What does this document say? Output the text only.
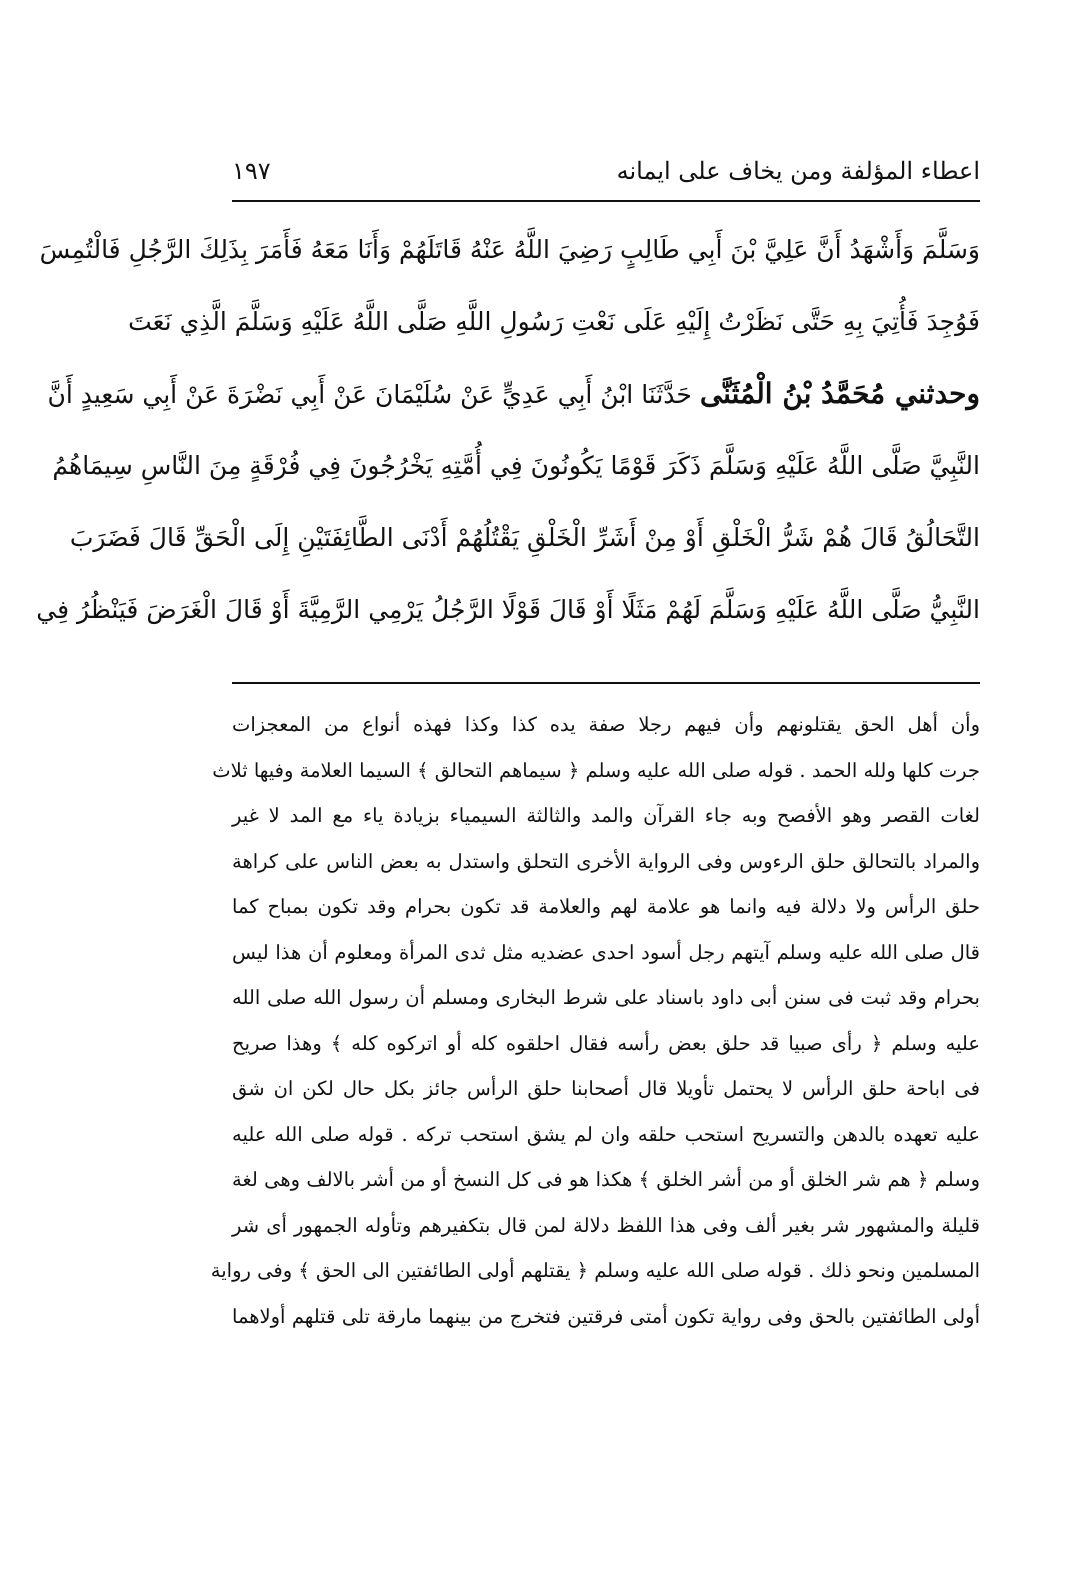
اعطاء المؤلفة ومن يخاف على ايمانه
١٩٧
وَسَلَّمَ وَأَشْهَدُ أَنَّ عَلِيَّ بْنَ أَبِي طَالِبٍ رَضِيَ اللَّهُ عَنْهُ قَاتَلَهُمْ وَأَنَا مَعَهُ فَأَمَرَ بِذَلِكَ الرَّجُلِ فَالْتُمِسَ
فَوُجِدَ فَأُتِيَ بِهِ حَتَّى نَظَرْتُ إِلَيْهِ عَلَى نَعْتِ رَسُولِ اللَّهِ صَلَّى اللَّهُ عَلَيْهِ وَسَلَّمَ الَّذِي نَعَتَ
وحدثني مُحَمَّدُ بْنُ الْمُثَنَّى حَدَّثَنَا ابْنُ أَبِي عَدِيٍّ عَنْ سُلَيْمَانَ عَنْ أَبِي نَضْرَةَ عَنْ أَبِي سَعِيدٍ أَنَّ
النَّبِيَّ صَلَّى اللَّهُ عَلَيْهِ وَسَلَّمَ ذَكَرَ قَوْمًا يَكُونُونَ فِي أُمَّتِهِ يَخْرُجُونَ فِي فُرْقَةٍ مِنَ النَّاسِ سِيمَاهُمُ
التَّحَالُقُ قَالَ هُمْ شَرُّ الْخَلْقِ أَوْ مِنْ أَشَرِّ الْخَلْقِ يَقْتُلُهُمْ أَدْنَى الطَّائِفَتَيْنِ إِلَى الْحَقِّ قَالَ فَضَرَبَ
النَّبِيُّ صَلَّى اللَّهُ عَلَيْهِ وَسَلَّمَ لَهُمْ مَثَلًا أَوْ قَالَ قَوْلًا الرَّجُلُ يَرْمِي الرَّمِيَّةَ أَوْ قَالَ الْغَرَضَ فَيَنْظُرُ فِي
وأن أهل الحق يقتلونهم وأن فيهم رجلا صفة يده كذا وكذا فهذه أنواع من المعجزات
جرت كلها ولله الحمد . قوله صلى الله عليه وسلم ﴿ سيماهم التحالق ﴾ السيما العلامة وفيها ثلاث
لغات القصر وهو الأفصح وبه جاء القرآن والمد والثالثة السيمياء بزيادة ياء مع المد لا غير
والمراد بالتحالق حلق الرءوس وفى الرواية الأخرى التحلق واستدل به بعض الناس على كراهة
حلق الرأس ولا دلالة فيه وانما هو علامة لهم والعلامة قد تكون بحرام وقد تكون بمباح كما
قال صلى الله عليه وسلم آيتهم رجل أسود احدى عضديه مثل ثدى المرأة ومعلوم أن هذا ليس
بحرام وقد ثبت فى سنن أبى داود باسناد على شرط البخارى ومسلم أن رسول الله صلى الله
عليه وسلم ﴿ رأى صبيا قد حلق بعض رأسه فقال احلقوه كله أو اتركوه كله ﴾ وهذا صريح
فى اباحة حلق الرأس لا يحتمل تأويلا قال أصحابنا حلق الرأس جائز بكل حال لكن ان شق
عليه تعهده بالدهن والتسريح استحب حلقه وان لم يشق استحب تركه . قوله صلى الله عليه
وسلم ﴿ هم شر الخلق أو من أشر الخلق ﴾ هكذا هو فى كل النسخ أو من أشر بالالف وهى لغة
قليلة والمشهور شر بغير ألف وفى هذا اللفظ دلالة لمن قال بتكفيرهم وتأوله الجمهور أى شر
المسلمين ونحو ذلك . قوله صلى الله عليه وسلم ﴿ يقتلهم أولى الطائفتين الى الحق ﴾ وفى رواية
أولى الطائفتين بالحق وفى رواية تكون أمتى فرقتين فتخرج من بينهما مارقة تلى قتلهم أولاهما
